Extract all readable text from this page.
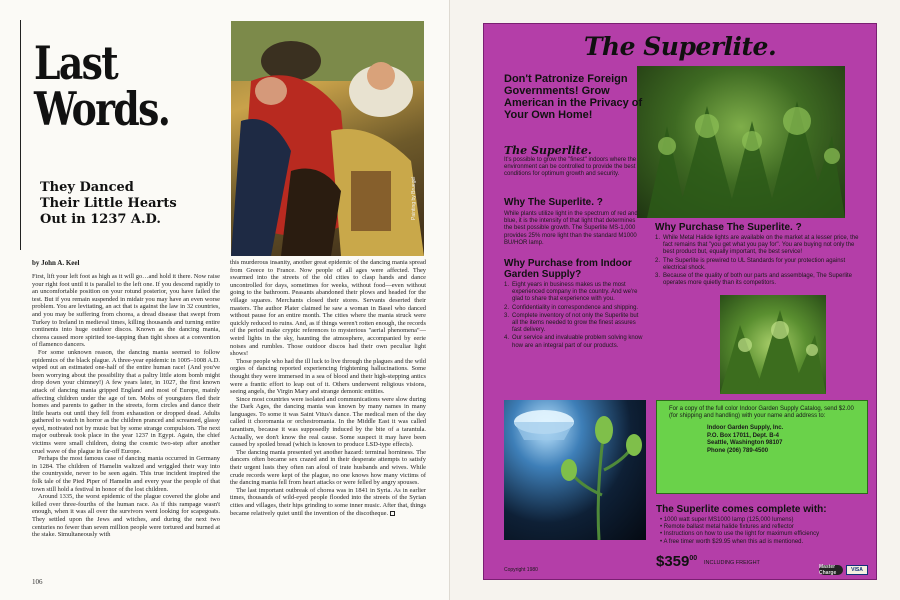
Last
Words.
They Danced
Their Little Hearts
Out in 1237 A.D.	Painting by Bruegel
by John A. Keel

First, lift your left foot as high as it will go…and hold it there. Now raise your right foot until it is parallel to the left one. If you descend rapidly to an uncomfortable position on your rotund posterior, you have failed the test. But if you remain suspended in midair you may have an even worse problem. You are levitating, an act that is against the law in 32 countries, and you may be suffering from chorea, a dread disease that swept from Turkey to Ireland in medieval times, killing thousands and turning entire continents into huge outdoor discos. Known as the dancing mania, chorea caused more spirited toe-tapping than tight shoes at a convention of flamenco dancers.

For some unknown reason, the dancing mania seemed to follow epidemics of the black plague. A three-year epidemic in 1005–1008 A.D. wiped out an estimated one-half of the entire human race! (And you've been worrying about the possibility that a paltry little atom bomb might drop down your chimney!) A few years later, in 1027, the first known attack of dancing mania gripped England and most of Europe, mainly affecting children under the age of ten. Mobs of youngsters fled their homes and parents to gather in the streets, form circles and dance their little hearts out until they fell from exhaustion or dropped dead. Adults gathered to watch in horror as the children pranced and screamed, glassy eyed, motivated not by music but by some strange compulsion. The next major outbreak took place in the year 1237 in Egypt. Again, the chief victims were small children, doing the cosmic two-step after another cruel wave of the plague in far-off Europe.

Perhaps the most famous case of dancing mania occurred in Germany in 1284. The children of Hamelin waltzed and wriggled their way into the countryside, never to be seen again. This true incident inspired the folk tale of the Pied Piper of Hamelin and every year the people of that town still hold a festival in honor of the lost children.

Around 1335, the worst epidemic of the plague covered the globe and killed over three-fourths of the human race. As if this rampage wasn't enough, when it was all over the survivors went looking for scapegoats. They settled upon the Jews and witches, and during the next two centuries no fewer than seven million people were tortured and burned at the stake. Simultaneously with

this murderous insanity, another great epidemic of the dancing mania spread from Greece to France. Now people of all ages were affected. They swarmed into the streets of the old cities to clasp hands and dance uncontrolled for days, sometimes for weeks, without food—even without going to the bathroom. Peasants abandoned their plows and headed for the village squares. Merchants closed their stores. Servants deserted their masters. The author Plater claimed he saw a woman in Basel who danced without pause for an entire month. The cities where the mania struck were quickly reduced to ruins. And, as if things weren't rotten enough, the records of the period make cryptic references to mysterious "aerial phenomena"—weird lights in the sky, haunting the atmosphere, accompanied by eerie noises and rumbles. Those outdoor discos had their own peculiar light shows!

Those people who had the ill luck to live through the plagues and the wild orgies of dancing reported experiencing frightening hallucinations. Some thought they were immersed in a sea of blood and their high-stepping antics were a frantic effort to leap out of it. Others underwent religious visions, seeing angels, the Virgin Mary and strange demonic entities.

Since most countries were isolated and communications were slow during the Dark Ages, the dancing mania was known by many names in many languages. To some it was Saint Vitus's dance. The medical men of the day called it choromania or orchestromania. In the Middle East it was called tarantism, because it was supposedly induced by the bite of a tarantula. Actually, we don't know the real cause. Some suspect it may have been caused by spoiled bread (which is known to produce LSD-type effects).

The dancing mania presented yet another hazard: terminal horniness. The dancers often became sex crazed and in their desperate attempts to satisfy their urgent lusts they often ran afoul of irate husbands and wives. While crude records were kept of the plague, no one knows how many victims of the dancing mania fell from heart attacks or were felled by angry spouses.

The last important outbreak of chorea was in 1841 in Syria. As in earlier times, thousands of wild-eyed people flooded into the streets of the Syrian cities and villages, their hips grinding to some inner music. After that, things became relatively quiet until the invention of the discotheque.

106
The Superlite.
Don't Patronize Foreign Governments! Grow American in the Privacy of Your Own Home!
The Superlite.
It's possible to grow the "finest" indoors where the environment can be controlled to provide the best conditions for optimum growth and security.
Why The Superlite. ?
While plants utilize light in the spectrum of red and blue, it is the intensity of that light that determines the best possible growth. The Superlite MS-1,000 provides 25% more light than the standard M1000 BU/HOR lamp.
Why Purchase from Indoor Garden Supply?
1. Eight years in business makes us the most experienced company in the country. And we're glad to share that experience with you.
2. Confidentiality in correspondence and shipping.
3. Complete inventory of not only the Superlite but all the items needed to grow the finest assures fast delivery.
4. Our service and invaluable problem solving know how are an integral part of our products.
Why Purchase The Superlite. ?
1. While Metal Halide lights are available on the market at a lesser price, the fact remains that "you get what you pay for". You are buying not only the best product but, equally important, the best service!
2. The Superlite is prewired to UL Standards for your protection against electrical shock.
3. Because of the quality of both our parts and assemblage, The Superlite operates more quietly than its competitors.
For a copy of the full color Indoor Garden Supply Catalog, send $2.00 (for shipping and handling) with your name and address to:
Indoor Garden Supply, Inc.
P.O. Box 17011, Dept. B-4
Seattle, Washington 98107
Phone (206) 789-4500
The Superlite comes complete with:
• 1000 watt super MS1000 lamp (125,000 lumens)
• Remote ballast metal halide fixtures and reflector
• Instructions on how to use the light for maximum efficiency
• A free timer worth $29.95 when this ad is mentioned.
$\$359^{00}$
INCLUDING FREIGHT
Copyright 1980	Master Charge	VISA
